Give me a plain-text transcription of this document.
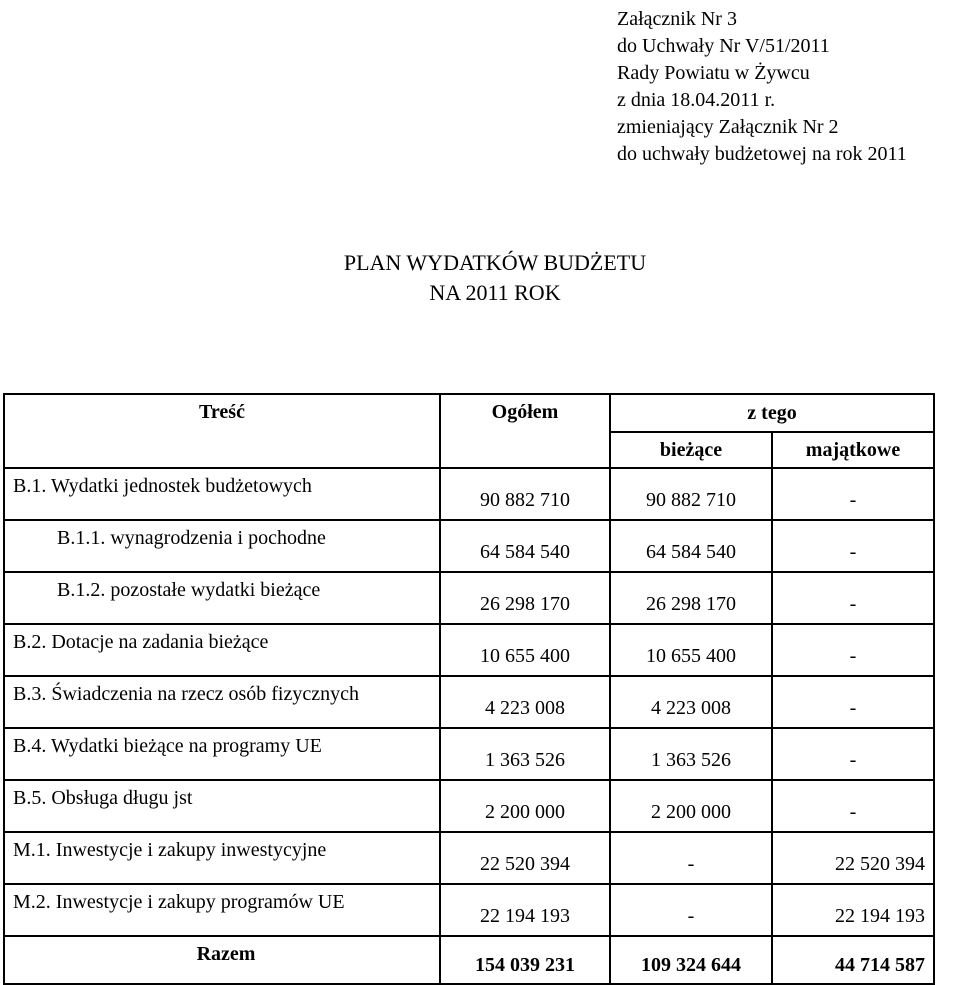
Załącznik Nr 3
do Uchwały Nr V/51/2011
Rady Powiatu w Żywcu
z dnia 18.04.2011 r.
zmieniający Załącznik Nr 2
do uchwały budżetowej na rok 2011
PLAN WYDATKÓW BUDŻETU
NA 2011 ROK
Treść	Ogółem	z tego	
		bieżące	majątkowe

B.1. Wydatki jednostek budżetowych	90 882 710	90 882 710	-

B.1.1. wynagrodzenia i pochodne	64 584 540	64 584 540	-

B.1.2. pozostałe wydatki bieżące	26 298 170	26 298 170	-

B.2. Dotacje na zadania bieżące	10 655 400	10 655 400	-

B.3. Świadczenia na rzecz osób fizycznych	4 223 008	4 223 008	-

B.4. Wydatki bieżące na programy UE	1 363 526	1 363 526	-

B.5. Obsługa długu jst	2 200 000	2 200 000	-

M.1. Inwestycje i zakupy inwestycyjne	22 520 394	-	22 520 394

M.2. Inwestycje i zakupy programów UE	22 194 193	-	22 194 193

Razem	154 039 231	109 324 644	44 714 587
